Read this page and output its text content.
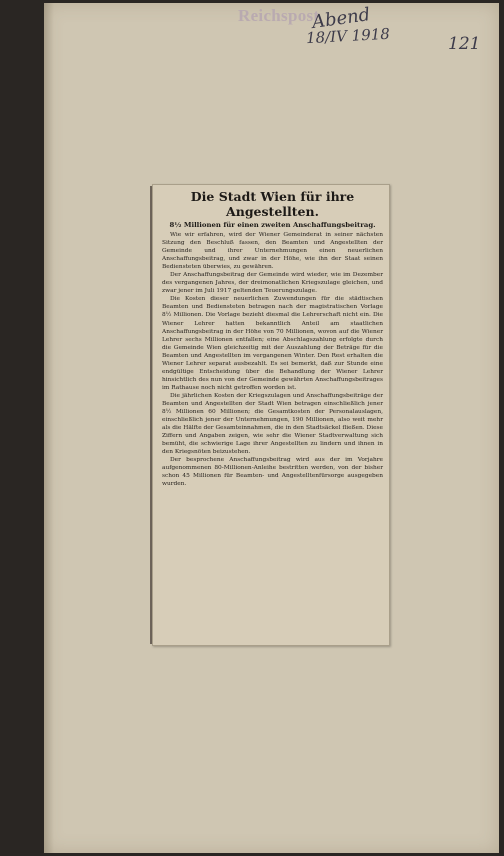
Reichspost
Abend
18/IV 1918	121
Die Stadt Wien für ihre
Angestellten.

8½ Millionen für einen zweiten Anschaffungsbeitrag.

Wie wir erfahren, wird der Wiener Gemeinderat in seiner nächsten Sitzung den Beschluß fassen, den Beamten und Angestellten der Gemeinde und ihrer Unternehmungen einen neuerlichen Anschaffungsbeitrag, und zwar in der Höhe, wie ihn der Staat seinen Bediensteten überwies, zu gewähren.

Der Anschaffungsbeitrag der Gemeinde wird wieder, wie im Dezember des vergangenen Jahres, der dreimonatlichen Kriegszulage gleichen, und zwar jener im Juli 1917 geltenden Teuerungszulage.

Die Kosten dieser neuerlichen Zuwendungen für die städtischen Beamten und Bediensteten betragen nach der magistratischen Vorlage 8½ Millionen. Die Vorlage bezieht diesmal die Lehrerschaft nicht ein. Die Wiener Lehrer hatten bekanntlich Anteil am staatlichen Anschaffungsbeitrag in der Höhe von 70 Millionen, wovon auf die Wiener Lehrer sechs Millionen entfallen; eine Abschlagszahlung erfolgte durch die Gemeinde Wien gleichzeitig mit der Auszahlung der Beträge für die Beamten und Angestellten im vergangenen Winter. Den Rest erhalten die Wiener Lehrer separat ausbezahlt. Es sei bemerkt, daß zur Stunde eine endgültige Entscheidung über die Behandlung der Wiener Lehrer hinsichtlich des nun von der Gemeinde gewährten Anschaffungsbeitrages im Rathause noch nicht getroffen worden ist.

Die jährlichen Kosten der Kriegszulagen und Anschaffungsbeiträge der Beamten und Angestellten der Stadt Wien betragen einschließlich jener 8½ Millionen 60 Millionen; die Gesamtkosten der Personalauslagen, einschließlich jener der Unternehmungen, 190 Millionen, also weit mehr als die Hälfte der Gesamteinnahmen, die in den Stadtsäckel fließen. Diese Ziffern und Angaben zeigen, wie sehr die Wiener Stadtverwaltung sich bemüht, die schwierige Lage ihrer Angestellten zu lindern und ihnen in den Kriegsnöten beizustehen.

Der besprochene Anschaffungsbeitrag wird aus der im Vorjahre aufgenommenen 80-Millionen-Anleihe bestritten werden, von der bisher schon 45 Millionen für Beamten- und Angestelltenfürsorge ausgegeben wurden.
